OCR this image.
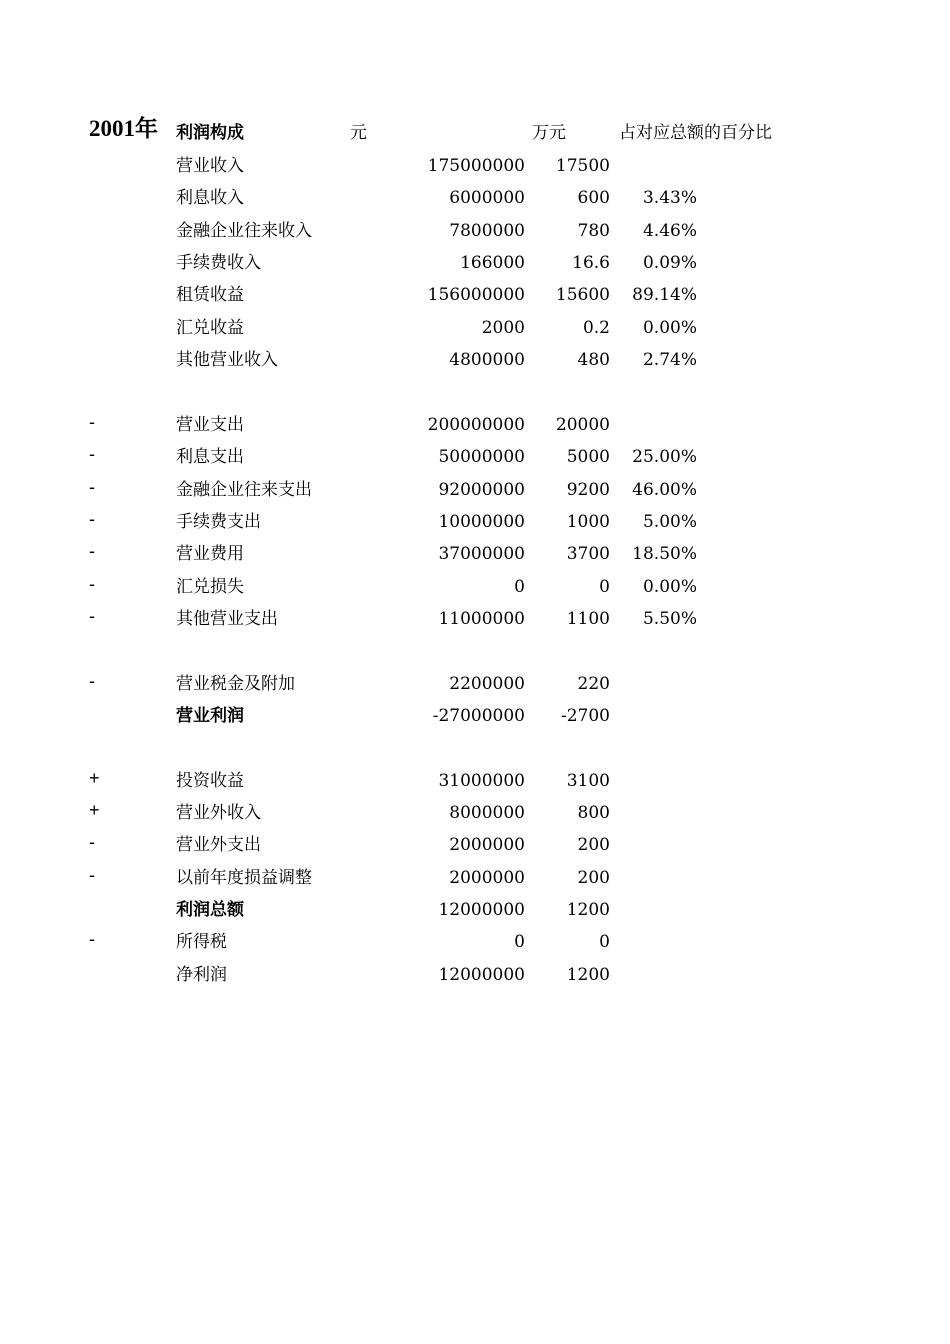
2001年 利润构成	元	万元	占对应总额的百分比
营业收入	175000000 17500
利息收入	6000000	600 3.43%
金融企业往来收入	7800000	780 4.46%
手续费收入	166000	16.6 0.09%
租赁收益	156000000 15600 89.14%
汇兑收益	2000	0.2 0.00%
其他营业收入	4800000	480 2.74%
-	营业支出	200000000 20000
-	利息支出	50000000 5000 25.00%
-	金融企业往来支出	92000000 9200 46.00%
-	手续费支出	10000000 1000 5.00%
-	营业费用	37000000 3700 18.50%
-	汇兑损失	0	0 0.00%
-	其他营业支出	11000000 1100 5.50%
-	营业税金及附加	2200000	220
营业利润	-27000000 -2700
+	投资收益	31000000 3100
+	营业外收入	8000000	800
-	营业外支出	2000000	200
-	以前年度损益调整	2000000	200
利润总额	12000000 1200
-	所得税	0	0
净利润	12000000 1200
